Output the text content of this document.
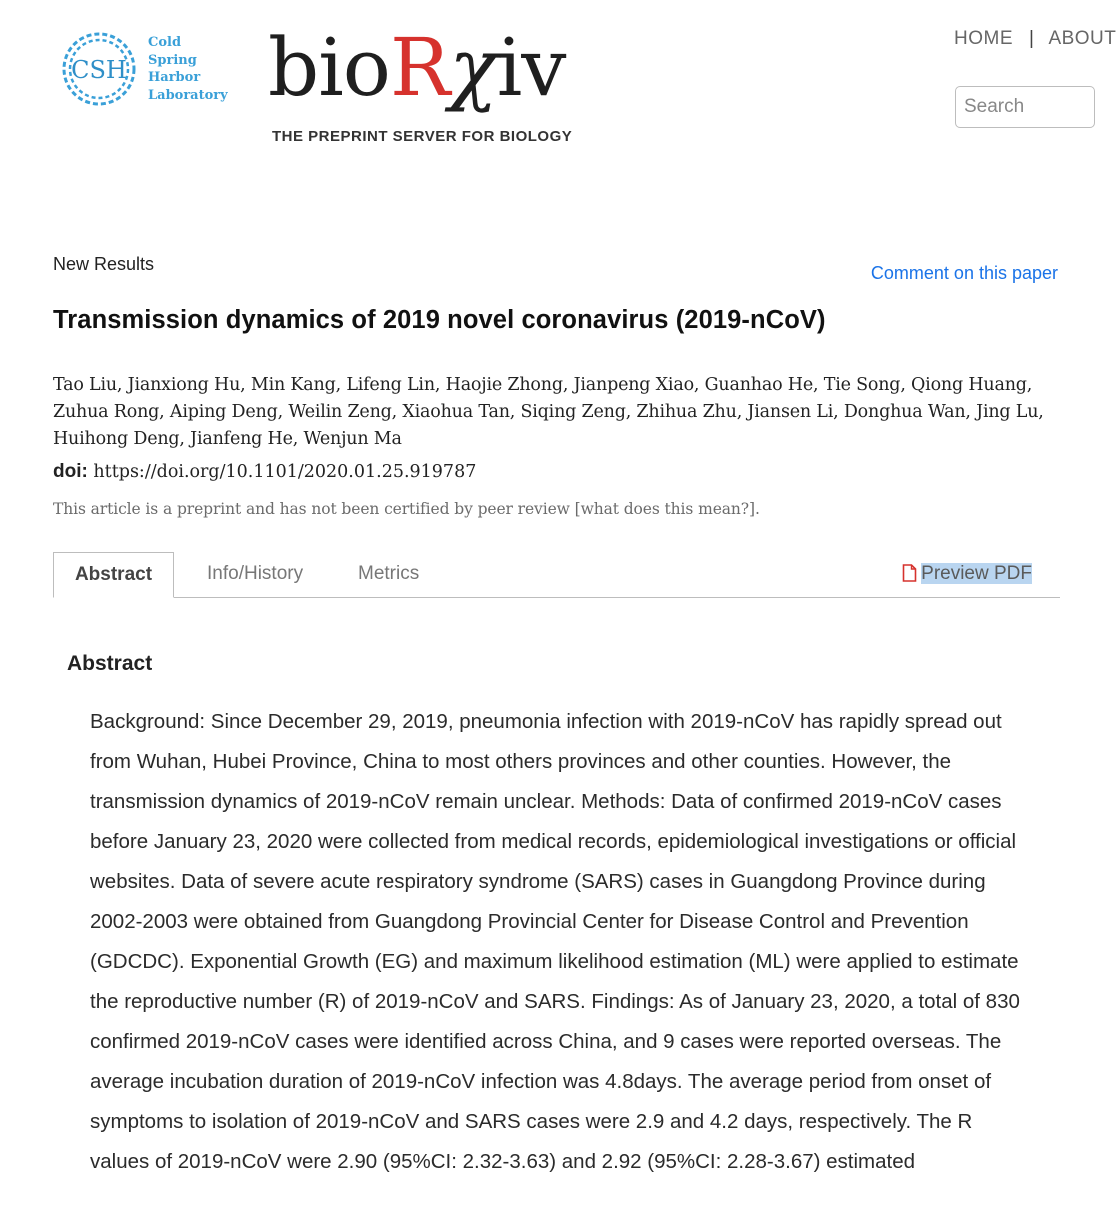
CSH
Cold
Spring
Harbor
Laboratory bioRχiv
THE PREPRINT SERVER FOR BIOLOGY
HOME | ABOUT
Search
New Results	Comment on this paper
Transmission dynamics of 2019 novel coronavirus (2019-nCoV)
Tao Liu, Jianxiong Hu, Min Kang, Lifeng Lin, Haojie Zhong, Jianpeng Xiao, Guanhao He, Tie Song, Qiong Huang, Zuhua Rong, Aiping Deng, Weilin Zeng, Xiaohua Tan, Siqing Zeng, Zhihua Zhu, Jiansen Li, Donghua Wan, Jing Lu, Huihong Deng, Jianfeng He, Wenjun Ma
doi: https://doi.org/10.1101/2020.01.25.919787
This article is a preprint and has not been certified by peer review [what does this mean?].
Abstract	Info/History	Metrics	Preview PDF
Abstract

Background: Since December 29, 2019, pneumonia infection with 2019-nCoV has rapidly spread out from Wuhan, Hubei Province, China to most others provinces and other counties. However, the transmission dynamics of 2019-nCoV remain unclear. Methods: Data of confirmed 2019-nCoV cases before January 23, 2020 were collected from medical records, epidemiological investigations or official websites. Data of severe acute respiratory syndrome (SARS) cases in Guangdong Province during 2002-2003 were obtained from Guangdong Provincial Center for Disease Control and Prevention (GDCDC). Exponential Growth (EG) and maximum likelihood estimation (ML) were applied to estimate the reproductive number (R) of 2019-nCoV and SARS. Findings: As of January 23, 2020, a total of 830 confirmed 2019-nCoV cases were identified across China, and 9 cases were reported overseas. The average incubation duration of 2019-nCoV infection was 4.8days. The average period from onset of symptoms to isolation of 2019-nCoV and SARS cases were 2.9 and 4.2 days, respectively. The R values of 2019-nCoV were 2.90 (95%CI: 2.32-3.63) and 2.92 (95%CI: 2.28-3.67) estimated
